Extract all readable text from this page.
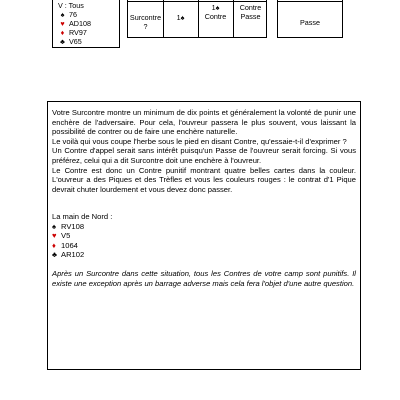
V : Tous
♠ 76
♥ AD108
♦ RV97
♣ V65
Surcontre ?
1♠
1♠
Contre
Contre Passe
Passe

Votre Surcontre montre un minimum de dix points et généralement la volonté de punir une enchère de l'adversaire. Pour cela, l'ouvreur passera le plus souvent, vous laissant la possibilité de contrer ou de faire une enchère naturelle.

Le voilà qui vous coupe l'herbe sous le pied en disant Contre, qu'essaie-t-il d'exprimer ?

Un Contre d'appel serait sans intérêt puisqu'un Passe de l'ouvreur serait forcing. Si vous préférez, celui qui a dit Surcontre doit une enchère à l'ouvreur.

Le Contre est donc un Contre punitif montrant quatre belles cartes dans la couleur. L'ouvreur a des Piques et des Trèfles et vous les couleurs rouges : le contrat d'1 Pique devrait chuter lourdement et vous devez donc passer.

La main de Nord :

♠ RV108
♥ V5
♦ 1064
♣ AR102

Après un Surcontre dans cette situation, tous les Contres de votre camp sont punitifs. Il existe une exception après un barrage adverse mais cela fera l'objet d'une autre question.
